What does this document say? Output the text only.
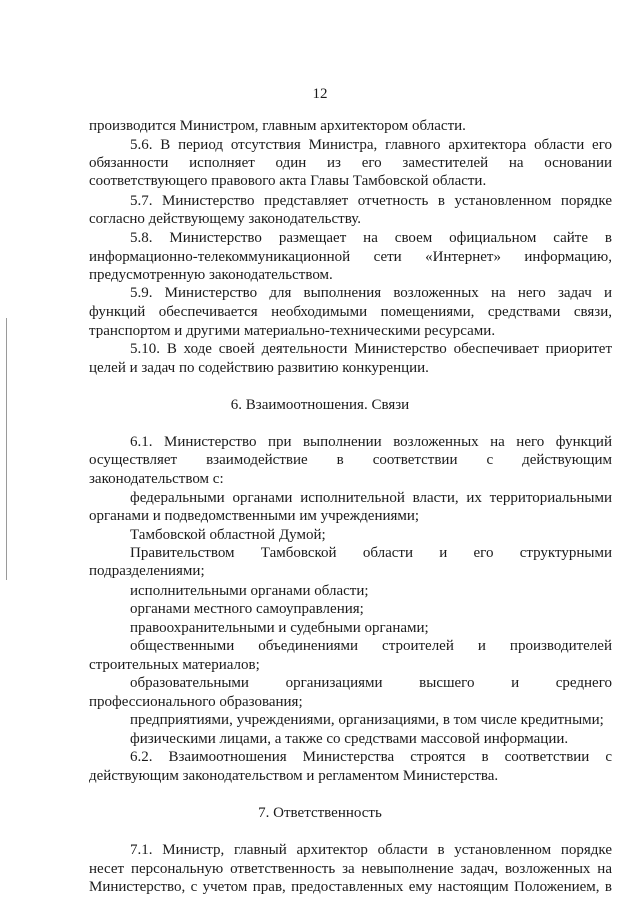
12
производится Министром, главным архитектором области.
5.6. В период отсутствия Министра, главного архитектора области его
обязанности исполняет один из его заместителей на основании
соответствующего правового акта Главы Тамбовской области.
5.7. Министерство представляет отчетность в установленном порядке
согласно действующему законодательству.
5.8. Министерство размещает на своем официальном сайте в
информационно-телекоммуникационной сети «Интернет» информацию,
предусмотренную законодательством.
5.9. Министерство для выполнения возложенных на него задач и
функций обеспечивается необходимыми помещениями, средствами связи,
транспортом и другими материально-техническими ресурсами.
5.10. В ходе своей деятельности Министерство обеспечивает приоритет
целей и задач по содействию развитию конкуренции.
6. Взаимоотношения. Связи
6.1. Министерство при выполнении возложенных на него функций
осуществляет взаимодействие в соответствии с действующим
законодательством с:
федеральными органами исполнительной власти, их территориальными
органами и подведомственными им учреждениями;
Тамбовской областной Думой;
Правительством Тамбовской области и его структурными
подразделениями;
исполнительными органами области;
органами местного самоуправления;
правоохранительными и судебными органами;
общественными объединениями строителей и производителей
строительных материалов;
образовательными организациями высшего и среднего
профессионального образования;
предприятиями, учреждениями, организациями, в том числе кредитными;
физическими лицами, а также со средствами массовой информации.
6.2. Взаимоотношения Министерства строятся в соответствии с
действующим законодательством и регламентом Министерства.
7. Ответственность
7.1. Министр, главный архитектор области в установленном порядке
несет персональную ответственность за невыполнение задач, возложенных на
Министерство, с учетом прав, предоставленных ему настоящим Положением, в
